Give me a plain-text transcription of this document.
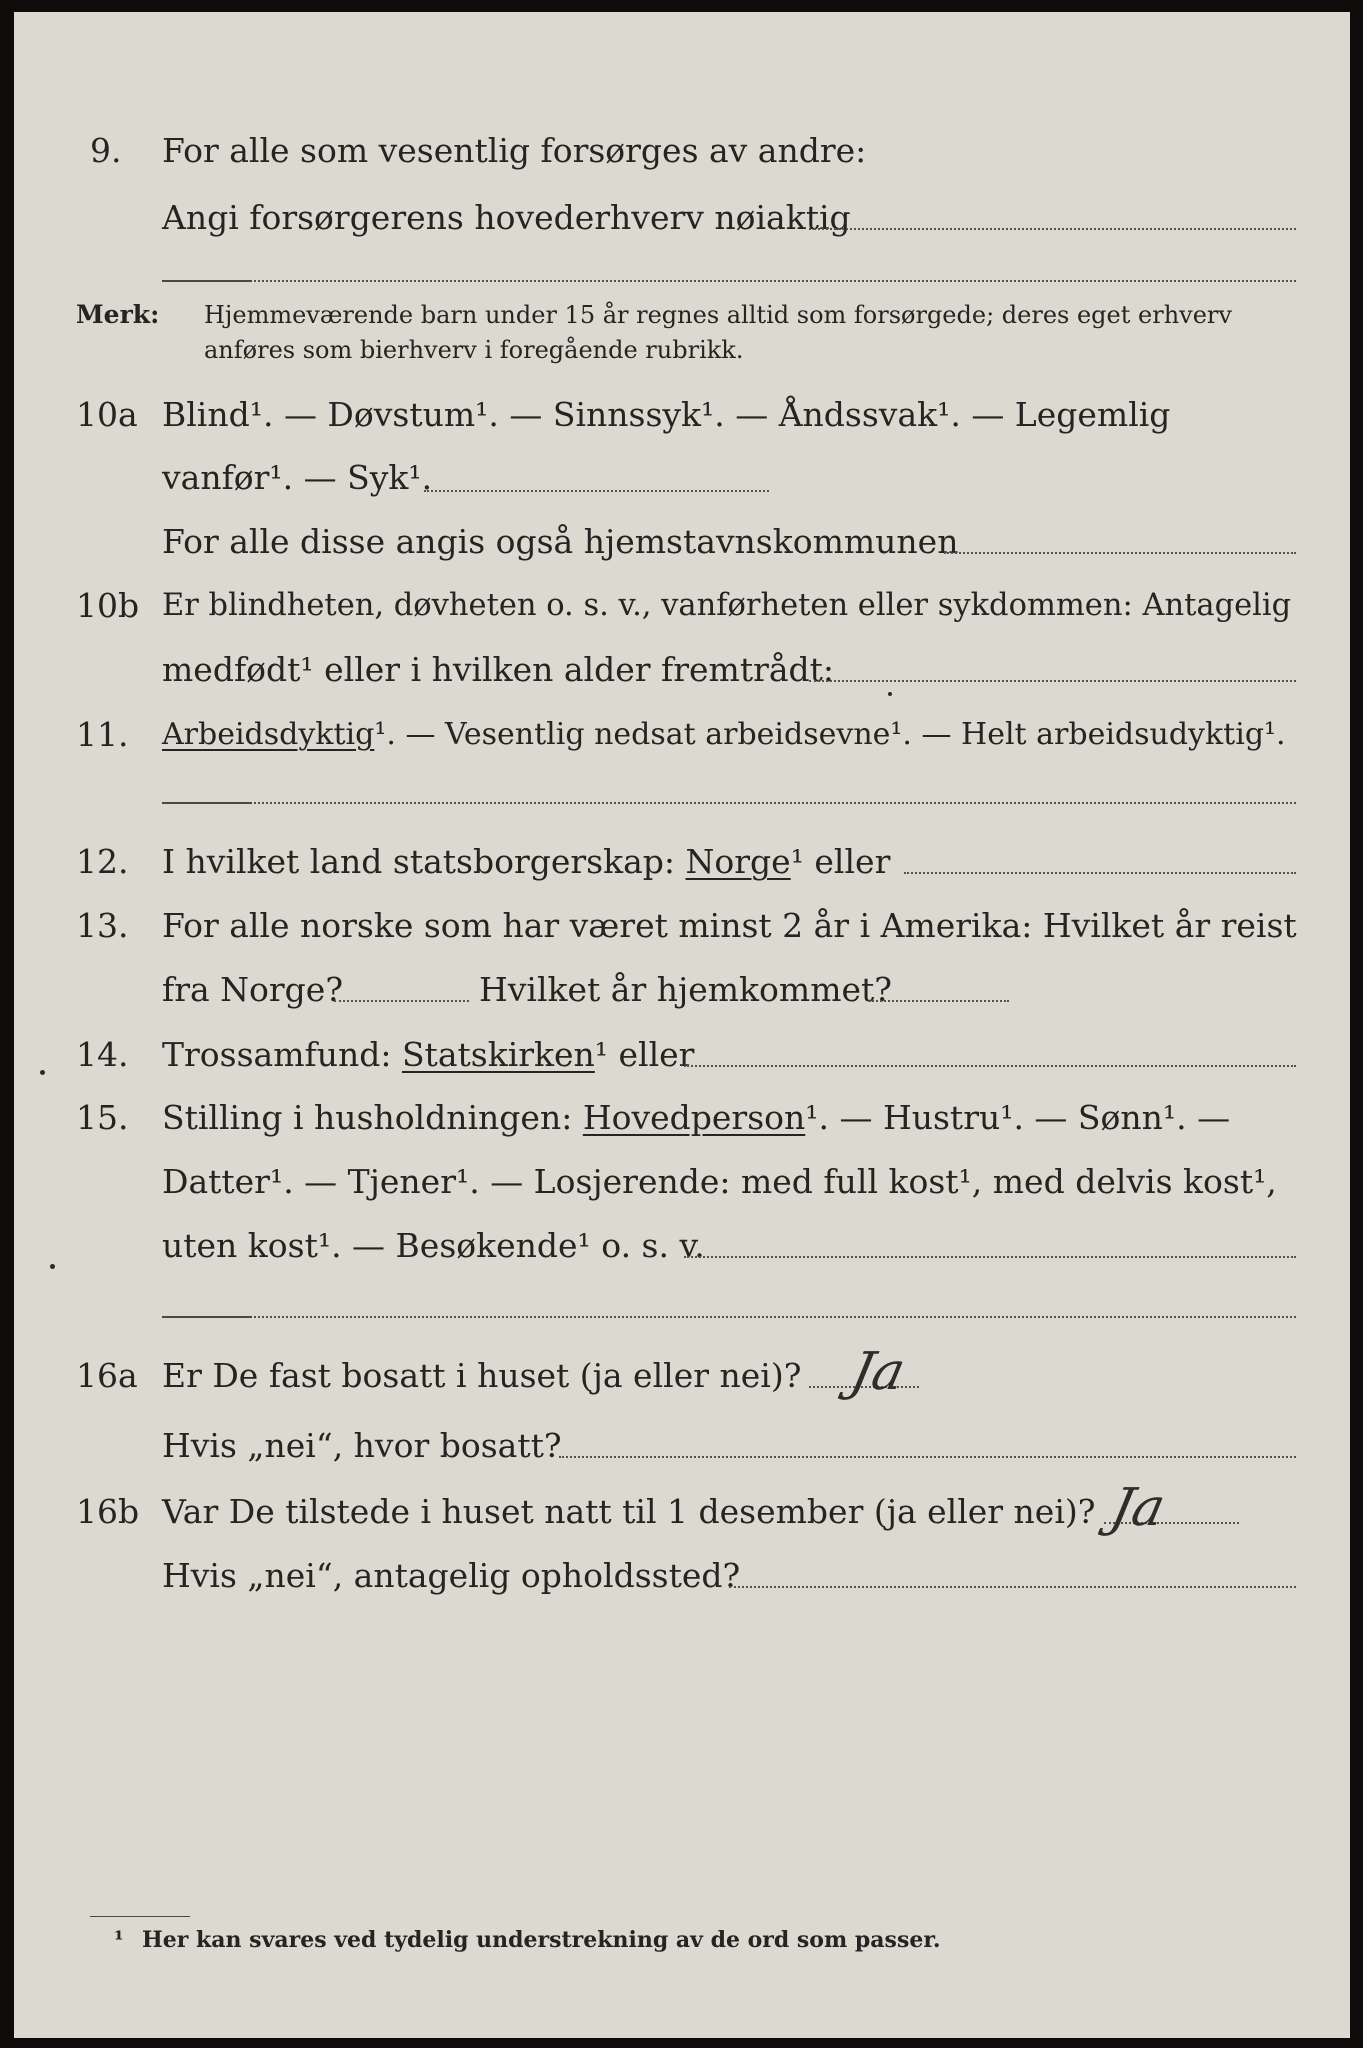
9. For alle som vesentlig forsørges av andre:
Angi forsørgerens hovederhverv nøiaktig
Merk: Hjemmeværende barn under 15 år regnes alltid som forsørgede; deres eget erhverv
anføres som bierhverv i foregående rubrikk.
10a Blind¹. — Døvstum¹. — Sinnssyk¹. — Åndssvak¹. — Legemlig
vanfør¹. — Syk¹.
For alle disse angis også hjemstavnskommunen
10b Er blindheten, døvheten o. s. v., vanførheten eller sykdommen: Antagelig
medfødt¹ eller i hvilken alder fremtrådt:
11. Arbeidsdyktig¹. — Vesentlig nedsat arbeidsevne¹. — Helt arbeidsudyktig¹.
12. I hvilket land statsborgerskap: Norge¹ eller
13. For alle norske som har været minst 2 år i Amerika: Hvilket år reist
fra Norge?	Hvilket år hjemkommet?
14. Trossamfund: Statskirken¹ eller
15. Stilling i husholdningen: Hovedperson¹. — Hustru¹. — Sønn¹. —
Datter¹. — Tjener¹. — Losjerende: med full kost¹, med delvis kost¹,
uten kost¹. — Besøkende¹ o. s. v.
16a Er De fast bosatt i huset (ja eller nei)? Ja
Hvis „nei“, hvor bosatt?
16b Var De tilstede i huset natt til 1 desember (ja eller nei)? Ja
Hvis „nei“, antagelig opholdssted?
¹ Her kan svares ved tydelig understrekning av de ord som passer.
